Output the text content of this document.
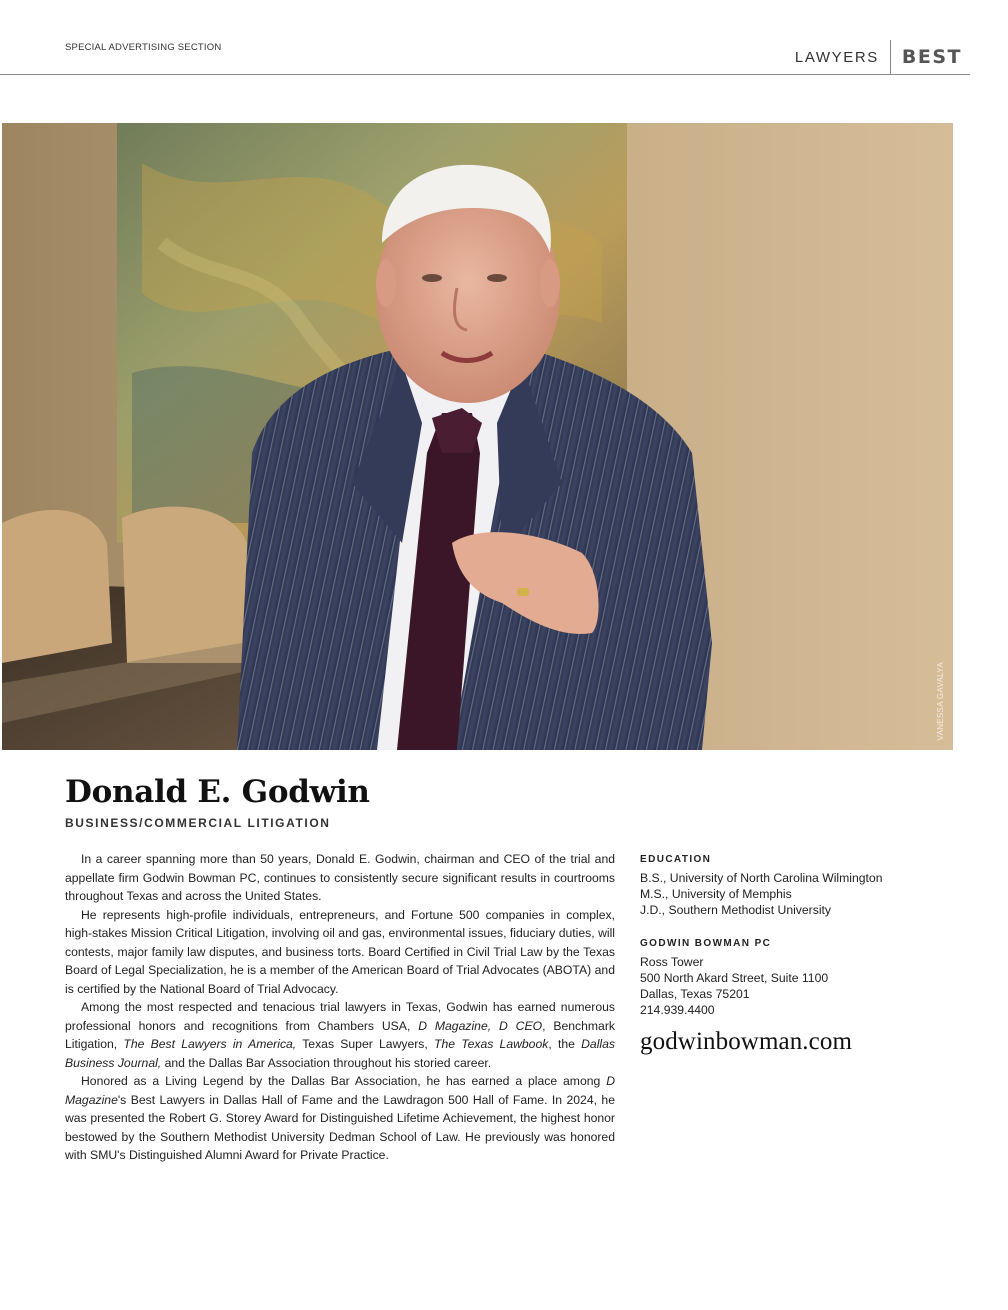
SPECIAL ADVERTISING SECTION
LAWYERS	BEST
VANESSA GAVALYA
Donald E. Godwin
BUSINESS/COMMERCIAL LITIGATION

In a career spanning more than 50 years, Donald E. Godwin, chairman and CEO of the trial and appellate firm Godwin Bowman PC, continues to consistently secure significant results in courtrooms throughout Texas and across the United States.

He represents high-profile individuals, entrepreneurs, and Fortune 500 companies in complex, high-stakes Mission Critical Litigation, involving oil and gas, environmental issues, fiduciary duties, will contests, major family law disputes, and business torts. Board Certified in Civil Trial Law by the Texas Board of Legal Specialization, he is a member of the American Board of Trial Advocates (ABOTA) and is certified by the National Board of Trial Advocacy.

Among the most respected and tenacious trial lawyers in Texas, Godwin has earned numerous professional honors and recognitions from Chambers USA, D Magazine, D CEO, Benchmark Litigation, The Best Lawyers in America, Texas Super Lawyers, The Texas Lawbook, the Dallas Business Journal, and the Dallas Bar Association throughout his storied career.

Honored as a Living Legend by the Dallas Bar Association, he has earned a place among D Magazine's Best Lawyers in Dallas Hall of Fame and the Lawdragon 500 Hall of Fame. In 2024, he was presented the Robert G. Storey Award for Distinguished Lifetime Achievement, the highest honor bestowed by the Southern Methodist University Dedman School of Law. He previously was honored with SMU's Distinguished Alumni Award for Private Practice.

EDUCATION
B.S., University of North Carolina Wilmington
M.S., University of Memphis
J.D., Southern Methodist University
GODWIN BOWMAN PC
Ross Tower
500 North Akard Street, Suite 1100
Dallas, Texas 75201
214.939.4400
godwinbowman.com
